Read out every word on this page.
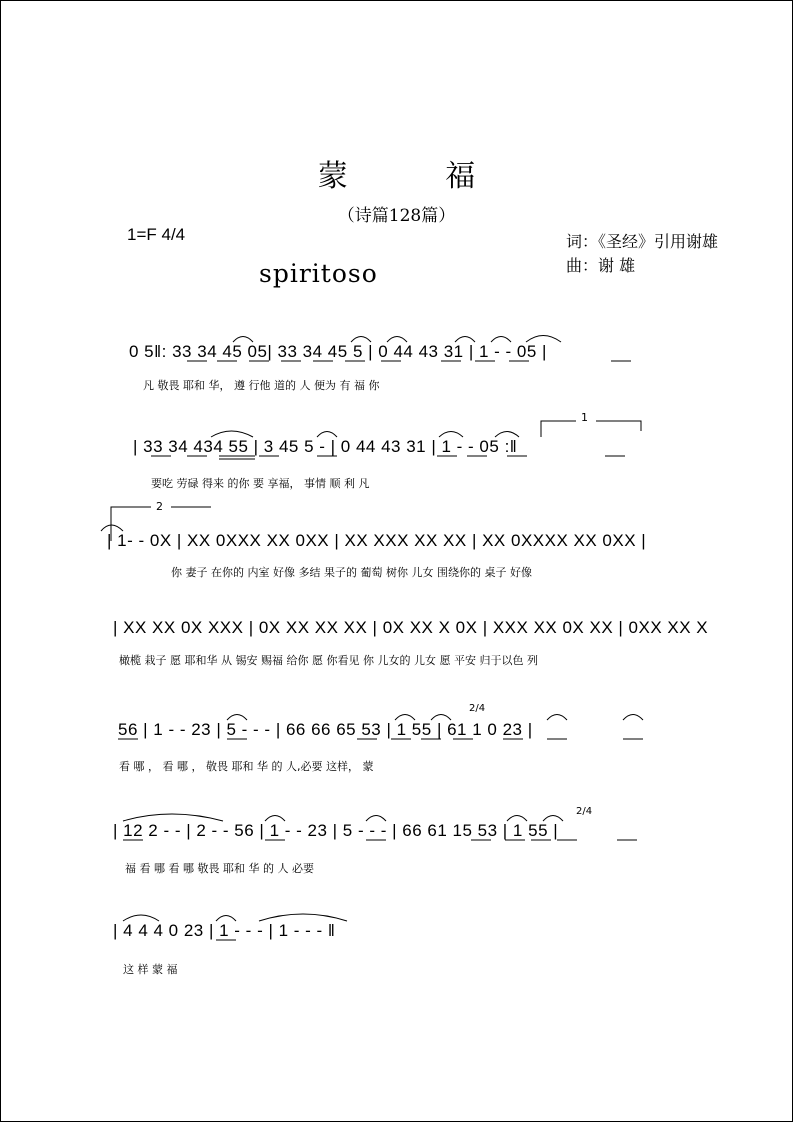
蒙 福
（诗篇128篇）
1=F 4/4	词：《圣经》引用谢雄
曲：谢 雄
spiritoso
0 5‖: 33 34 45 05| 33 34 45 5 | 0 44 43 31 | 1 - - 05 |
凡 敬畏 耶和 华， 遵 行他 道的 人 便为 有 福 你
| 33 34 434 55 | 3 45 5 - | 0 44 43 31 | 1 - - 05 :‖
要吃 劳碌 得来 的你 要 享福， 事情 顺 利 凡
| 1- - 0X | XX 0XXX XX 0XX | XX XXX XX XX | XX 0XXXX XX 0XX |
你 妻子 在你的 内室 好像 多结 果子的 葡萄 树你 儿女 围绕你的 桌子 好像
| XX XX 0X XXX | 0X XX XX XX | 0X XX X 0X | XXX XX 0X XX | 0XX XX X
橄榄 栽子 愿 耶和华 从 锡安 赐福 给你 愿 你看见 你 儿女的 儿女 愿 平安 归于以色 列
56 | 1 - - 23 | 5 - - - | 66 66 65 53 | 1 55 | 61 1 0 23 |
看 哪 ， 看 哪 ， 敬畏 耶和 华 的 人,必要 这样， 蒙
| 12 2 - - | 2 - - 56 | 1 - - 23 | 5 - - - | 66 61 15 53 | 1 55 |
福 看 哪 看 哪 敬畏 耶和 华 的 人 必要
| 4 4 4 0 23 | 1 - - - | 1 - - - ‖
这 样 蒙 福
1
2
2/4
2/4
